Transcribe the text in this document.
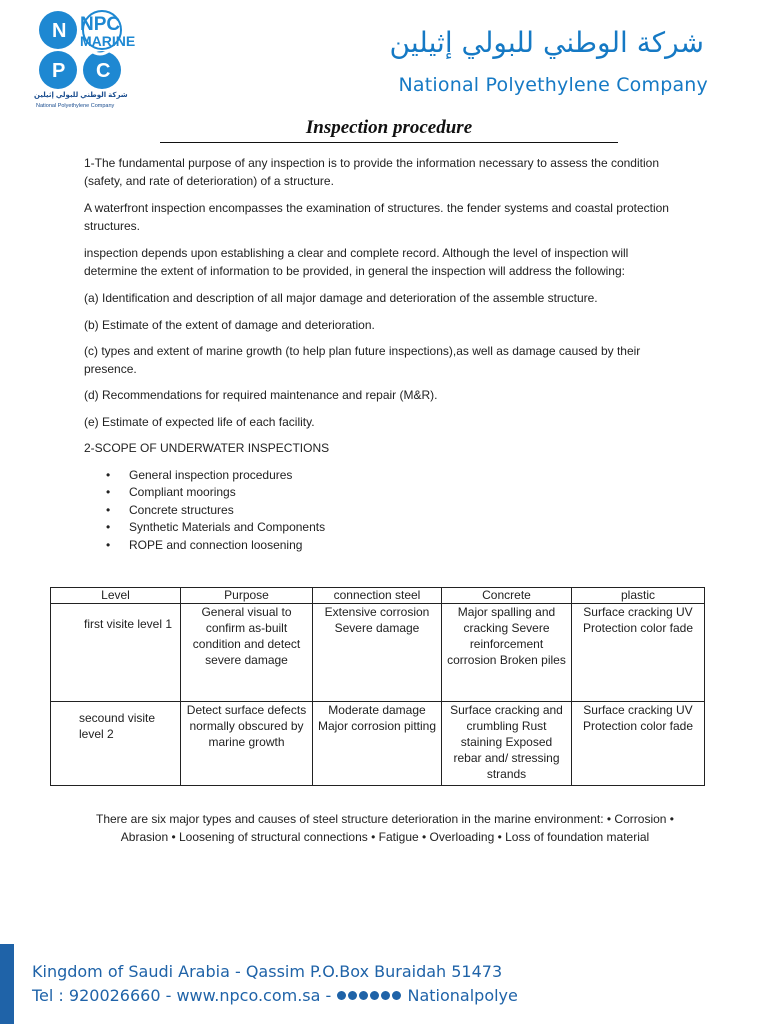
N
P C
NPC
MARINE
شركة الوطني للبولي إثيلين
National Polyethylene Company
شركة الوطني للبولي إثيلين
National Polyethylene Company
Inspection procedure

1-The fundamental purpose of any inspection is to provide the information necessary to assess the condition (safety, and rate of deterioration) of a structure.

A waterfront inspection encompasses the examination of structures. the fender systems and coastal protection structures.

inspection depends upon establishing a clear and complete record. Although the level of inspection will determine the extent of information to be provided, in general the inspection will address the following:

(a) Identification and description of all major damage and deterioration of the assemble structure.

(b) Estimate of the extent of damage and deterioration.

(c) types and extent of marine growth (to help plan future inspections),as well as damage caused by their presence.

(d) Recommendations for required maintenance and repair (M&R).

(e) Estimate of expected life of each facility.

2-SCOPE OF UNDERWATER INSPECTIONS

• General inspection procedures
• Compliant moorings
• Concrete structures
• Synthetic Materials and Components
• ROPE and connection loosening
Level	Purpose	connection steel	Concrete	plastic
first visite level 1	General visual to confirm as-built condition and detect severe damage	Extensive corrosion Severe damage	Major spalling and cracking Severe reinforcement corrosion Broken piles	Surface cracking UV Protection color fade
secound visite level 2	Detect surface defects normally obscured by marine growth	Moderate damage Major corrosion pitting	Surface cracking and crumbling Rust staining Exposed rebar and/ stressing strands	Surface cracking UV Protection color fade
There are six major types and causes of steel structure deterioration in the marine environment: • Corrosion • Abrasion • Loosening of structural connections • Fatigue • Overloading • Loss of foundation material
Kingdom of Saudi Arabia - Qassim P.O.Box Buraidah 51473
Tel : 920026660 - www.npco.com.sa -	Nationalpolye
